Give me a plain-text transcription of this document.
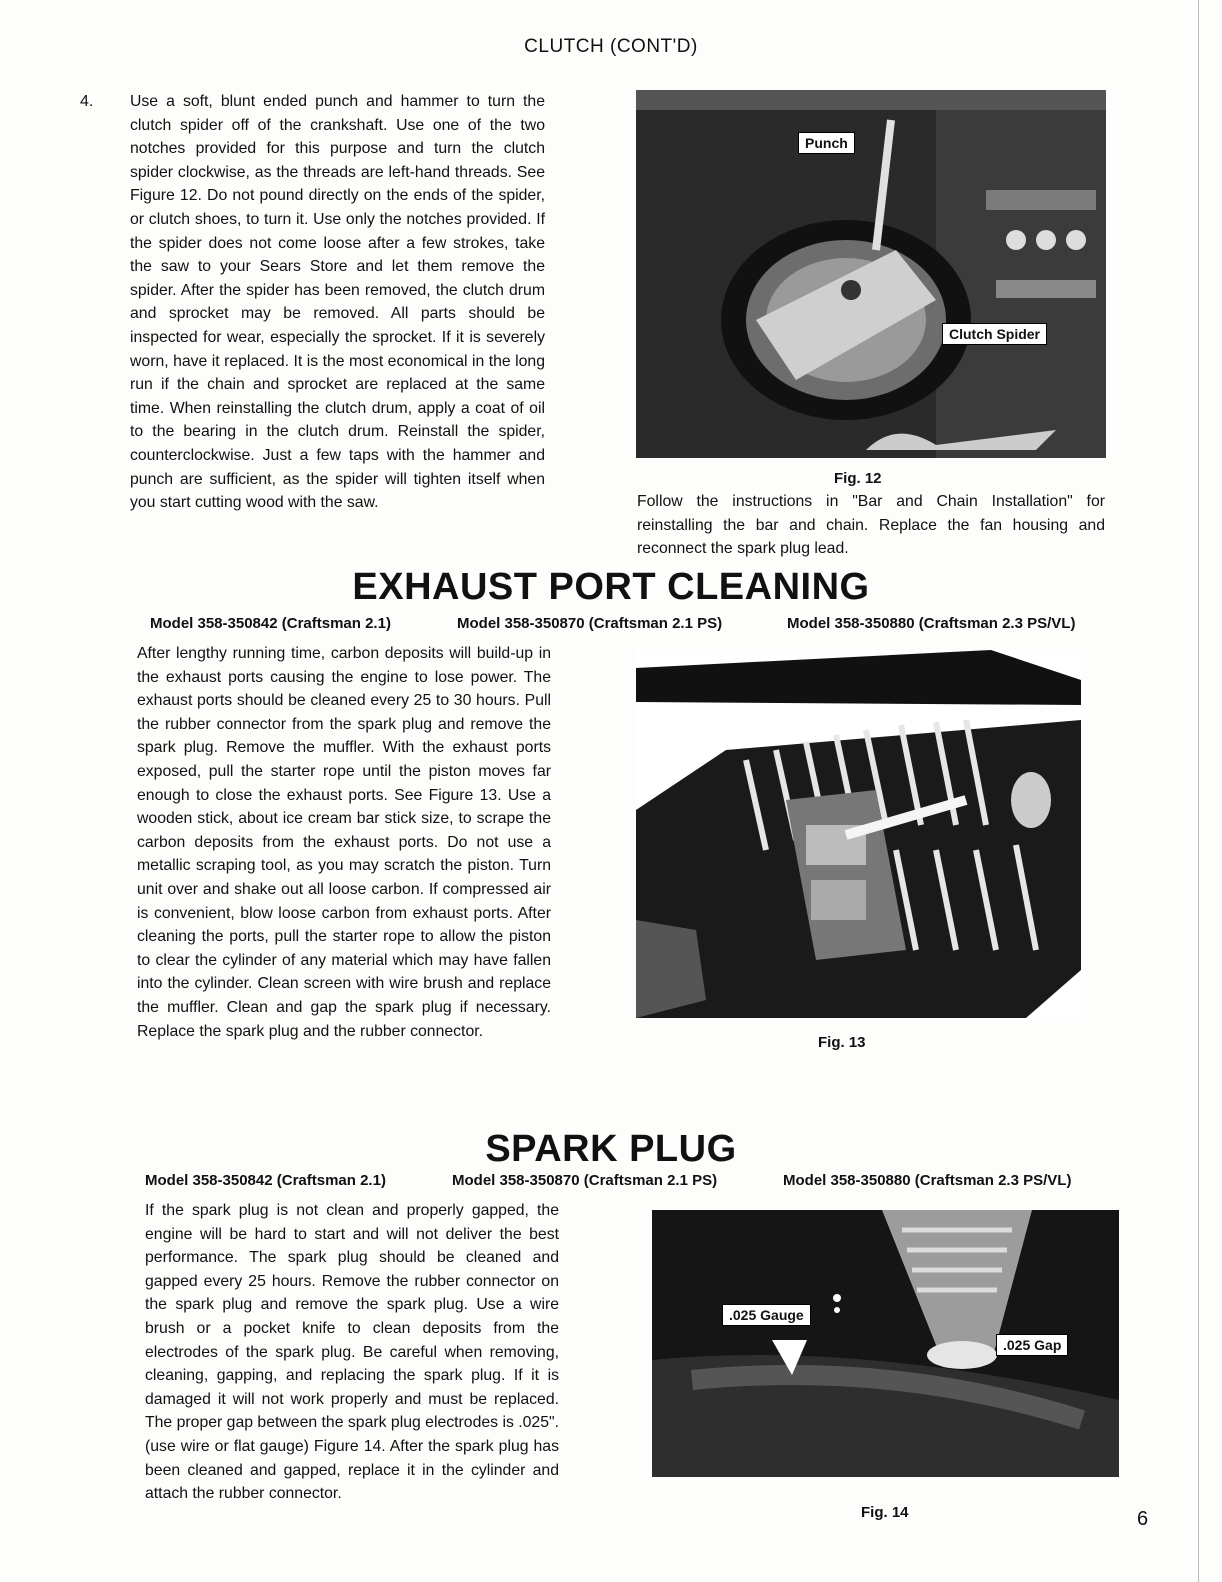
CLUTCH (CONT'D)
4. Use a soft, blunt ended punch and hammer to turn the clutch spider off of the crankshaft. Use one of the two notches provided for this purpose and turn the clutch spider clockwise, as the threads are left-hand threads. See Figure 12. Do not pound directly on the ends of the spider, or clutch shoes, to turn it. Use only the notches provided. If the spider does not come loose after a few strokes, take the saw to your Sears Store and let them remove the spider. After the spider has been removed, the clutch drum and sprocket may be removed. All parts should be inspected for wear, especially the sprocket. If it is severely worn, have it replaced. It is the most economical in the long run if the chain and sprocket are replaced at the same time. When reinstalling the clutch drum, apply a coat of oil to the bearing in the clutch drum. Reinstall the spider, counterclockwise. Just a few taps with the hammer and punch are sufficient, as the spider will tighten itself when you start cutting wood with the saw.
Punch
Clutch Spider
Fig. 12
Follow the instructions in "Bar and Chain Installation" for reinstalling the bar and chain. Replace the fan housing and reconnect the spark plug lead.
EXHAUST PORT CLEANING
Model 358-350842 (Craftsman 2.1)	Model 358-350870 (Craftsman 2.1 PS)	Model 358-350880 (Craftsman 2.3 PS/VL)
After lengthy running time, carbon deposits will build-up in the exhaust ports causing the engine to lose power. The exhaust ports should be cleaned every 25 to 30 hours. Pull the rubber connector from the spark plug and remove the spark plug. Remove the muffler. With the exhaust ports exposed, pull the starter rope until the piston moves far enough to close the exhaust ports. See Figure 13. Use a wooden stick, about ice cream bar stick size, to scrape the carbon deposits from the exhaust ports. Do not use a metallic scraping tool, as you may scratch the piston. Turn unit over and shake out all loose carbon. If compressed air is convenient, blow loose carbon from exhaust ports. After cleaning the ports, pull the starter rope to allow the piston to clear the cylinder of any material which may have fallen into the cylinder. Clean screen with wire brush and replace the muffler. Clean and gap the spark plug if necessary. Replace the spark plug and the rubber connector.
Fig. 13
SPARK PLUG
Model 358-350842 (Craftsman 2.1)	Model 358-350870 (Craftsman 2.1 PS)	Model 358-350880 (Craftsman 2.3 PS/VL)
If the spark plug is not clean and properly gapped, the engine will be hard to start and will not deliver the best performance. The spark plug should be cleaned and gapped every 25 hours. Remove the rubber connector on the spark plug and remove the spark plug. Use a wire brush or a pocket knife to clean deposits from the electrodes of the spark plug. Be careful when removing, cleaning, gapping, and replacing the spark plug. If it is damaged it will not work properly and must be replaced. The proper gap between the spark plug electrodes is .025". (use wire or flat gauge) Figure 14. After the spark plug has been cleaned and gapped, replace it in the cylinder and attach the rubber connector.
.025 Gauge
.025 Gap
Fig. 14	6
